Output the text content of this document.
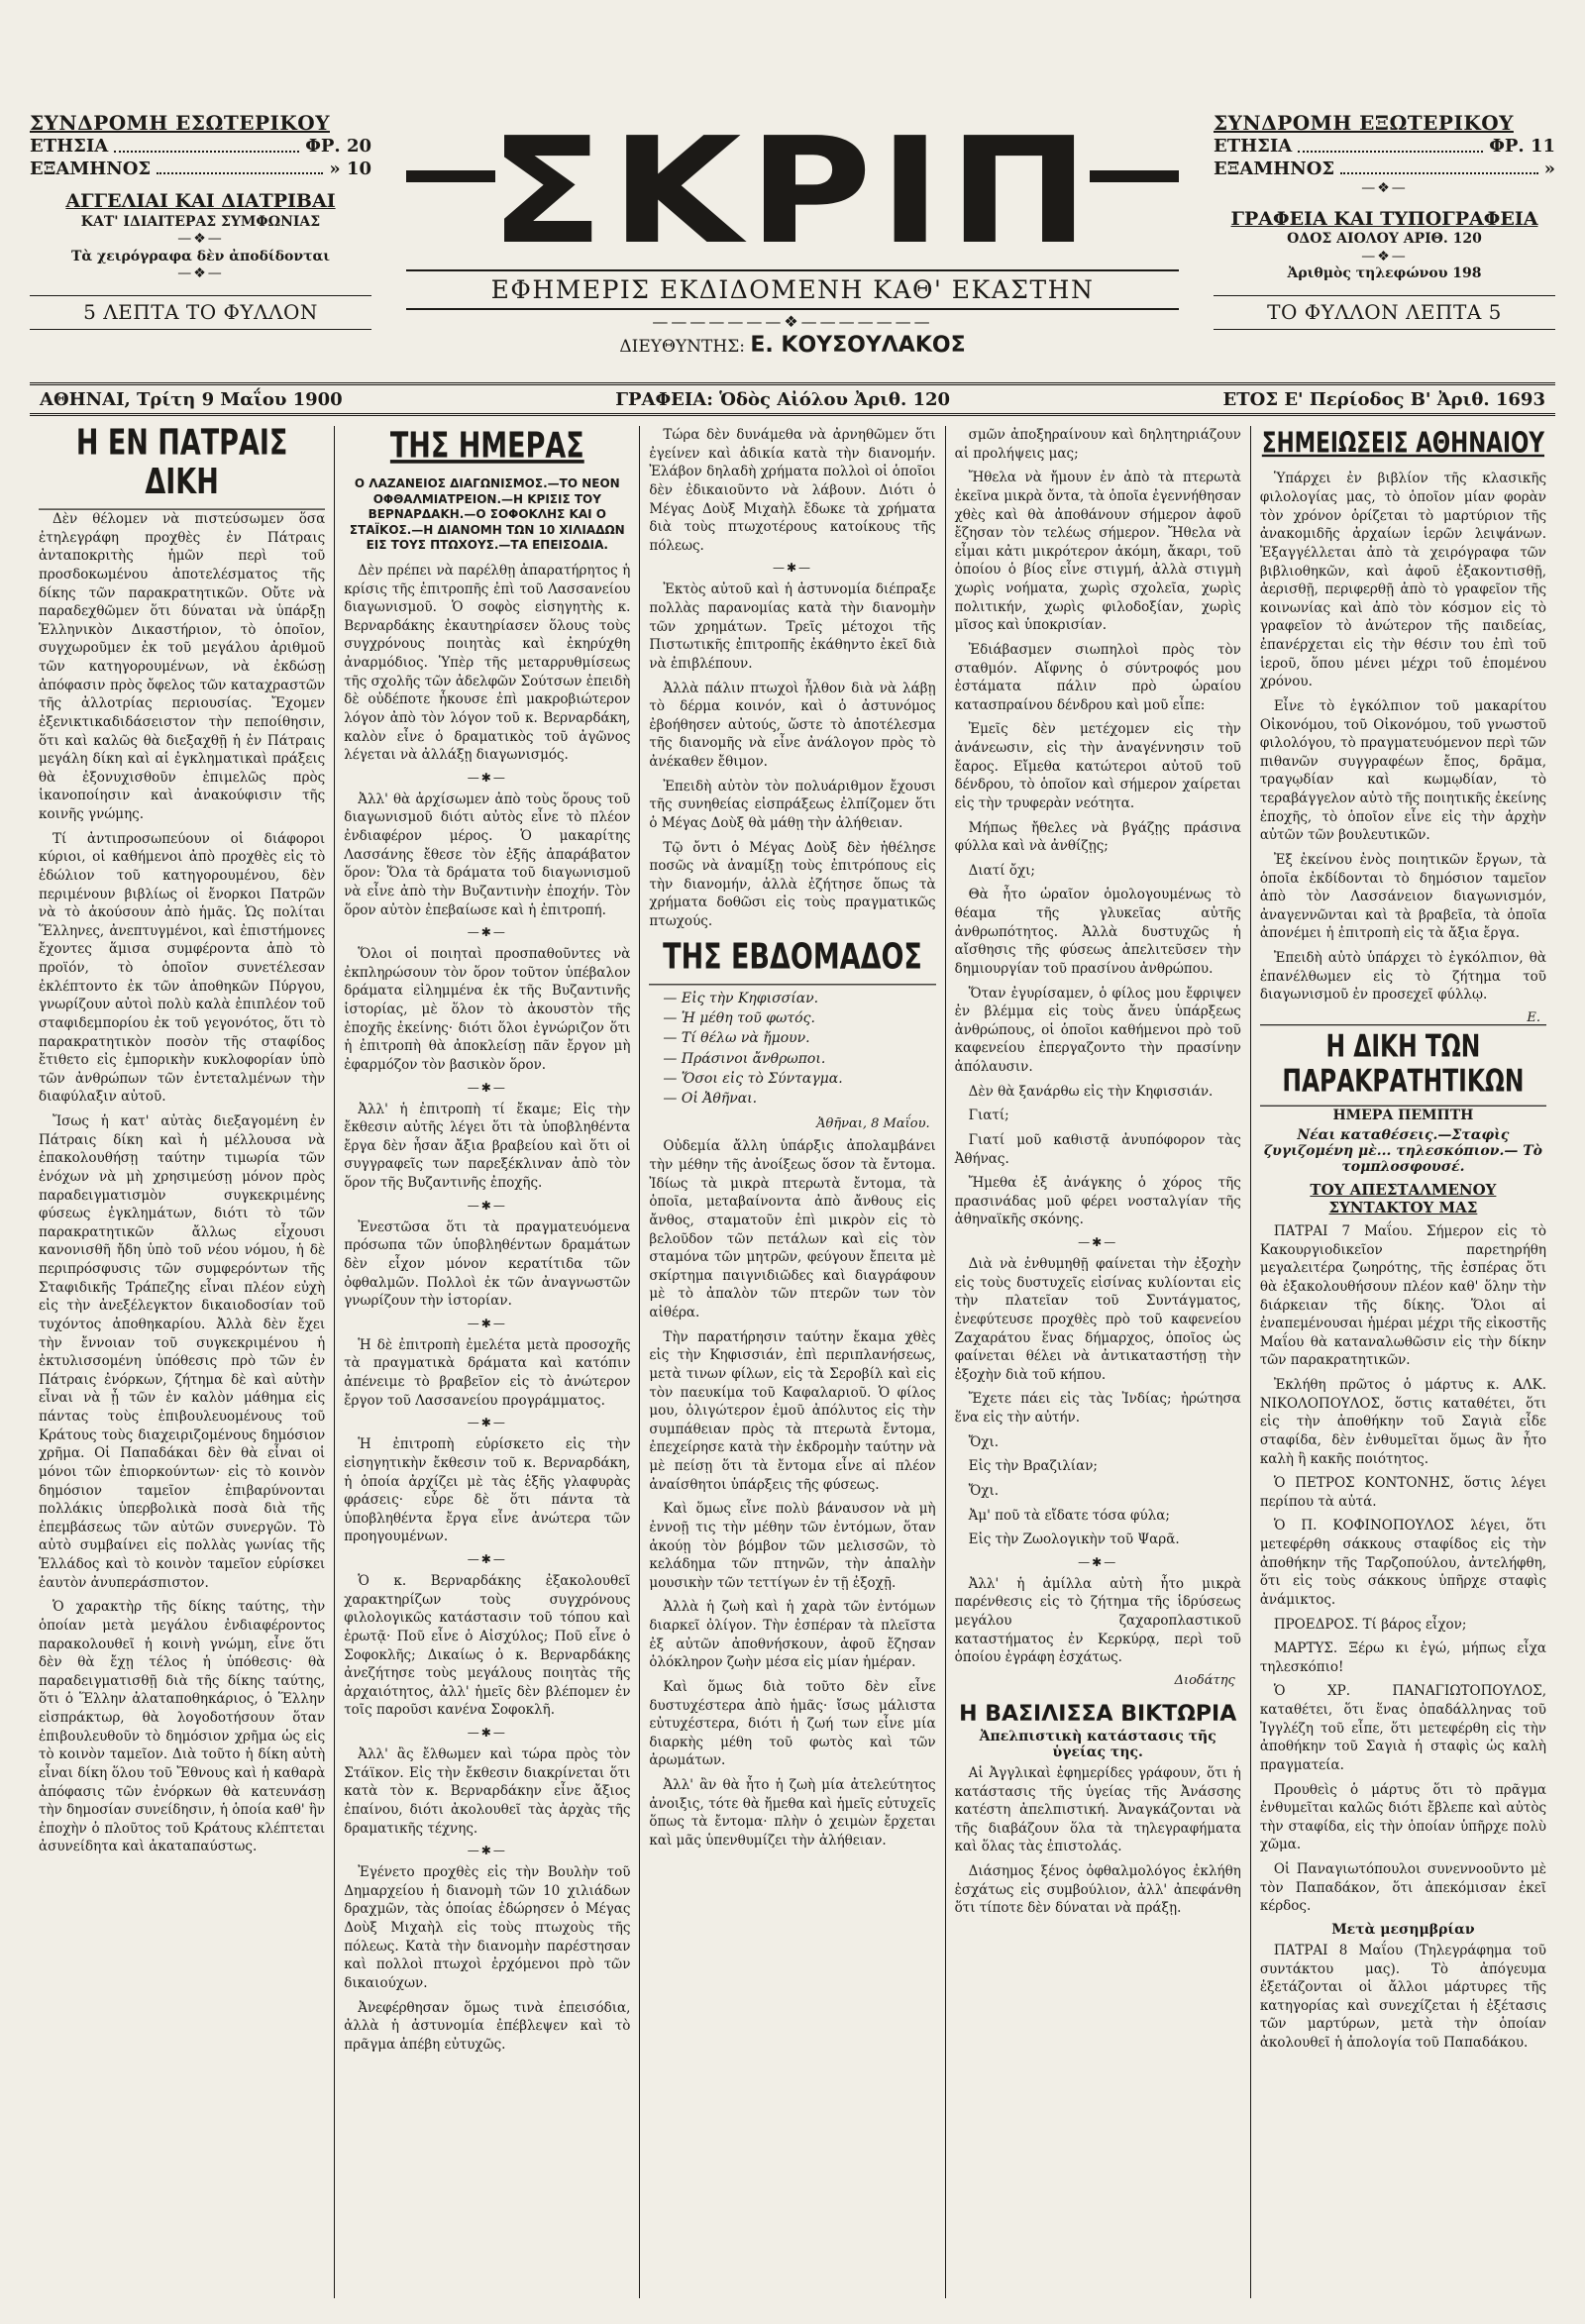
ΣΥΝΔΡΟΜΗ ΕΣΩΤΕΡΙΚΟΥ
ΕΤΗΣΙΑ	ΦΡ. 20
ΕΞΑΜΗΝΟΣ	» 10
ΑΓΓΕΛΙΑΙ ΚΑΙ ΔΙΑΤΡΙΒΑΙ
ΚΑΤ' ΙΔΙΑΙΤΕΡΑΣ ΣΥΜΦΩΝΙΑΣ
—❖—
Τὰ χειρόγραφα δὲν ἀποδίδονται
—❖—
5 ΛΕΠΤΑ ΤΟ ΦΥΛΛΟΝ
ΣΚΡΙΠ
ΕΦΗΜΕΡΙΣ ΕΚΔΙΔΟΜΕΝΗ ΚΑΘ' ΕΚΑΣΤΗΝ
———————❖———————
ΔΙΕΥΘΥΝΤΗΣ: Ε. ΚΟΥΣΟΥΛΑΚΟΣ
ΣΥΝΔΡΟΜΗ ΕΞΩΤΕΡΙΚΟΥ
ΕΤΗΣΙΑ	ΦΡ. 11
ΕΞΑΜΗΝΟΣ	»
—❖—
ΓΡΑΦΕΙΑ ΚΑΙ ΤΥΠΟΓΡΑΦΕΙΑ
ΟΔΟΣ ΑΙΟΛΟΥ ΑΡΙΘ. 120
—❖—
Ἀριθμὸς τηλεφώνου 198
ΤΟ ΦΥΛΛΟΝ ΛΕΠΤΑ 5
ΑΘΗΝΑΙ, Τρίτη 9 Μαΐου 1900	ΓΡΑΦΕΙΑ: Ὁδὸς Αἰόλου Ἀριθ. 120	ΕΤΟΣ Ε' Περίοδος Β' Ἀριθ. 1693
Η ΕΝ ΠΑΤΡΑΙΣ ΔΙΚΗ

Δὲν θέλομεν νὰ πιστεύσωμεν ὅσα ἐτηλεγράφη προχθὲς ἐν Πάτραις ἀνταποκριτὴς ἡμῶν περὶ τοῦ προσδοκωμένου ἀποτελέσματος τῆς δίκης τῶν παρακρατητικῶν. Οὔτε νὰ παραδεχθῶμεν ὅτι δύναται νὰ ὑπάρξῃ Ἑλληνικὸν Δικαστήριον, τὸ ὁποῖον, συγχωροῦμεν ἐκ τοῦ μεγάλου ἀριθμοῦ τῶν κατηγορουμένων, νὰ ἐκδώσῃ ἀπόφασιν πρὸς ὄφελος τῶν καταχραστῶν τῆς ἀλλοτρίας περιουσίας. Ἔχομεν ἐξενικτικαδιδάσειστον τὴν πεποίθησιν, ὅτι καὶ καλῶς θὰ διεξαχθῇ ἡ ἐν Πάτραις μεγάλη δίκη καὶ αἱ ἐγκληματικαὶ πράξεις θὰ ἐξονυχισθοῦν ἐπιμελῶς πρὸς ἱκανοποίησιν καὶ ἀνακούφισιν τῆς κοινῆς γνώμης.

Τί ἀντιπροσωπεύουν οἱ διάφοροι κύριοι, οἱ καθήμενοι ἀπὸ προχθὲς εἰς τὸ ἑδώλιον τοῦ κατηγορουμένου, δὲν περιμένουν βιβλίως οἱ ἔνορκοι Πατρῶν νὰ τὸ ἀκούσουν ἀπὸ ἡμᾶς. Ὡς πολίται Ἕλληνες, ἀνεπτυγμένοι, καὶ ἐπιστήμονες ἔχοντες ἅμισα συμφέροντα ἀπὸ τὸ προϊόν, τὸ ὁποῖον συνετέλεσαν ἐκλέπτοντο ἐκ τῶν ἀποθηκῶν Πύργου, γνωρίζουν αὐτοὶ πολὺ καλὰ ἐπιπλέον τοῦ σταφιδεμπορίου ἐκ τοῦ γεγονότος, ὅτι τὸ παρακρατητικὸν ποσὸν τῆς σταφίδος ἔτιθετο εἰς ἐμπορικὴν κυκλοφορίαν ὑπὸ τῶν ἀνθρώπων τῶν ἐντεταλμένων τὴν διαφύλαξιν αὐτοῦ.

Ἴσως ἡ κατ' αὐτὰς διεξαγομένη ἐν Πάτραις δίκη καὶ ἡ μέλλουσα νὰ ἐπακολουθήσῃ ταύτην τιμωρία τῶν ἐνόχων νὰ μὴ χρησιμεύσῃ μόνον πρὸς παραδειγματισμὸν συγκεκριμένης φύσεως ἐγκλημάτων, διότι τὸ τῶν παρακρατητικῶν ἄλλως εἶχουσι κανονισθῆ ἤδη ὑπὸ τοῦ νέου νόμου, ἡ δὲ περιπρόσφυσις τῶν συμφερόντων τῆς Σταφιδικῆς Τράπεζης εἶναι πλέον εὐχὴ εἰς τὴν ἀνεξέλεγκτον δικαιοδοσίαν τοῦ τυχόντος ἀποθηκαρίου. Ἀλλὰ δὲν ἔχει τὴν ἔννοιαν τοῦ συγκεκριμένου ἡ ἐκτυλισσομένη ὑπόθεσις πρὸ τῶν ἐν Πάτραις ἐνόρκων, ζήτημα δὲ καὶ αὐτὴν εἶναι νὰ ᾖ τῶν ἐν καλὸν μάθημα εἰς πάντας τοὺς ἐπιβουλευομένους τοῦ Κράτους τοὺς διαχειριζομένους δημόσιον χρῆμα. Οἱ Παπαδάκαι δὲν θὰ εἶναι οἱ μόνοι τῶν ἐπιορκούντων· εἰς τὸ κοινὸν δημόσιον ταμεῖον ἐπιβαρύνονται πολλάκις ὑπερβολικὰ ποσὰ διὰ τῆς ἐπεμβάσεως τῶν αὐτῶν συνεργῶν. Τὸ αὐτὸ συμβαίνει εἰς πολλὰς γωνίας τῆς Ἑλλάδος καὶ τὸ κοινὸν ταμεῖον εὑρίσκει ἑαυτὸν ἀνυπεράσπιστον.

Ὁ χαρακτὴρ τῆς δίκης ταύτης, τὴν ὁποίαν μετὰ μεγάλου ἐνδιαφέροντος παρακολουθεῖ ἡ κοινὴ γνώμη, εἶνε ὅτι δὲν θὰ ἔχῃ τέλος ἡ ὑπόθεσις· θὰ παραδειγματισθῇ διὰ τῆς δίκης ταύτης, ὅτι ὁ Ἕλλην ἀλαταποθηκάριος, ὁ Ἕλλην εἰσπράκτωρ, θὰ λογοδοτήσουν ὅταν ἐπιβουλευθοῦν τὸ δημόσιον χρῆμα ὡς εἰς τὸ κοινὸν ταμεῖον. Διὰ τοῦτο ἡ δίκη αὐτὴ εἶναι δίκη ὅλου τοῦ Ἔθνους καὶ ἡ καθαρὰ ἀπόφασις τῶν ἐνόρκων θὰ κατευνάσῃ τὴν δημοσίαν συνείδησιν, ἡ ὁποία καθ' ἣν ἐποχὴν ὁ πλοῦτος τοῦ Κράτους κλέπτεται ἀσυνείδητα καὶ ἀκαταπαύστως.

ΤΗΣ ΗΜΕΡΑΣ
Ο ΛΑΖΑΝΕΙΟΣ ΔΙΑΓΩΝΙΣΜΟΣ.—ΤΟ ΝΕΟΝ ΟΦΘΑΛΜΙΑΤΡΕΙΟΝ.—Η ΚΡΙΣΙΣ ΤΟΥ ΒΕΡΝΑΡΔΑΚΗ.—Ο ΣΟΦΟΚΛΗΣ ΚΑΙ Ο ΣΤΑΪΚΟΣ.—Η ΔΙΑΝΟΜΗ ΤΩΝ 10 ΧΙΛΙΑΔΩΝ ΕΙΣ ΤΟΥΣ ΠΤΩΧΟΥΣ.—ΤΑ ΕΠΕΙΣΟΔΙΑ.

Δὲν πρέπει νὰ παρέλθῃ ἀπαρατήρητος ἡ κρίσις τῆς ἐπιτροπῆς ἐπὶ τοῦ Λασσανείου διαγωνισμοῦ. Ὁ σοφὸς εἰσηγητὴς κ. Βερναρδάκης ἐκαυτηρίασεν ὅλους τοὺς συγχρόνους ποιητὰς καὶ ἐκηρύχθη ἀναρμόδιος. Ὑπὲρ τῆς μεταρρυθμίσεως τῆς σχολῆς τῶν ἀδελφῶν Σούτσων ἐπειδὴ δὲ οὐδέποτε ἦκουσε ἐπὶ μακροβιώτερον λόγον ἀπὸ τὸν λόγον τοῦ κ. Βερναρδάκη, καλὸν εἶνε ὁ δραματικὸς τοῦ ἀγῶνος λέγεται νὰ ἀλλάξῃ διαγωνισμός.

—✱—

Ἀλλ' θὰ ἀρχίσωμεν ἀπὸ τοὺς ὅρους τοῦ διαγωνισμοῦ διότι αὐτὸς εἶνε τὸ πλέον ἐνδιαφέρον μέρος. Ὁ μακαρίτης Λασσάνης ἔθεσε τὸν ἐξῆς ἀπαράβατον ὅρον: Ὅλα τὰ δράματα τοῦ διαγωνισμοῦ νὰ εἶνε ἀπὸ τὴν Βυζαντινὴν ἐποχήν. Τὸν ὅρον αὐτὸν ἐπεβαίωσε καὶ ἡ ἐπιτροπή.

—✱—

Ὅλοι οἱ ποιηταὶ προσπαθοῦντες νὰ ἐκπληρώσουν τὸν ὅρον τοῦτον ὑπέβαλον δράματα εἰλημμένα ἐκ τῆς Βυζαντινῆς ἱστορίας, μὲ ὅλον τὸ ἀκουστὸν τῆς ἐποχῆς ἐκείνης· διότι ὅλοι ἐγνώριζον ὅτι ἡ ἐπιτροπὴ θὰ ἀποκλείσῃ πᾶν ἔργον μὴ ἐφαρμόζον τὸν βασικὸν ὅρον.

—✱—

Ἀλλ' ἡ ἐπιτροπὴ τί ἔκαμε; Εἰς τὴν ἔκθεσιν αὐτῆς λέγει ὅτι τὰ ὑποβληθέντα ἔργα δὲν ἦσαν ἄξια βραβείου καὶ ὅτι οἱ συγγραφεῖς των παρεξέκλιναν ἀπὸ τὸν ὅρον τῆς Βυζαντινῆς ἐποχῆς.

—✱—

Ἐνεστῶσα ὅτι τὰ πραγματευόμενα πρόσωπα τῶν ὑποβληθέντων δραμάτων δὲν εἶχον μόνον κερατίτιδα τῶν ὀφθαλμῶν. Πολλοὶ ἐκ τῶν ἀναγνωστῶν γνωρίζουν τὴν ἱστορίαν.

—✱—

Ἡ δὲ ἐπιτροπὴ ἐμελέτα μετὰ προσοχῆς τὰ πραγματικὰ δράματα καὶ κατόπιν ἀπένειμε τὸ βραβεῖον εἰς τὸ ἀνώτερον ἔργον τοῦ Λασσανείου προγράμματος.

—✱—

Ἡ ἐπιτροπὴ εὑρίσκετο εἰς τὴν εἰσηγητικὴν ἔκθεσιν τοῦ κ. Βερναρδάκη, ἡ ὁποία ἀρχίζει μὲ τὰς ἑξῆς γλαφυρὰς φράσεις· εὗρε δὲ ὅτι πάντα τὰ ὑποβληθέντα ἔργα εἶνε ἀνώτερα τῶν προηγουμένων.

—✱—

Ὁ κ. Βερναρδάκης ἐξακολουθεῖ χαρακτηρίζων τοὺς συγχρόνους φιλολογικῶς κατάστασιν τοῦ τόπου καὶ ἐρωτᾷ· Ποῦ εἶνε ὁ Αἰσχύλος; Ποῦ εἶνε ὁ Σοφοκλῆς; Δικαίως ὁ κ. Βερναρδάκης ἀνεζήτησε τοὺς μεγάλους ποιητὰς τῆς ἀρχαιότητος, ἀλλ' ἡμεῖς δὲν βλέπομεν ἐν τοῖς παροῦσι κανένα Σοφοκλῆ.

—✱—

Ἀλλ' ἂς ἔλθωμεν καὶ τώρα πρὸς τὸν Στάϊκον. Εἰς τὴν ἔκθεσιν διακρίνεται ὅτι κατὰ τὸν κ. Βερναρδάκην εἶνε ἄξιος ἐπαίνου, διότι ἀκολουθεῖ τὰς ἀρχὰς τῆς δραματικῆς τέχνης.

—✱—

Ἐγένετο προχθὲς εἰς τὴν Βουλὴν τοῦ Δημαρχείου ἡ διανομὴ τῶν 10 χιλιάδων δραχμῶν, τὰς ὁποίας ἐδώρησεν ὁ Μέγας Δοὺξ Μιχαὴλ εἰς τοὺς πτωχοὺς τῆς πόλεως. Κατὰ τὴν διανομὴν παρέστησαν καὶ πολλοὶ πτωχοὶ ἐρχόμενοι πρὸ τῶν δικαιούχων.

Ἀνεφέρθησαν ὅμως τινὰ ἐπεισόδια, ἀλλὰ ἡ ἀστυνομία ἐπέβλεψεν καὶ τὸ πρᾶγμα ἀπέβη εὐτυχῶς.

Τώρα δὲν δυνάμεθα νὰ ἀρνηθῶμεν ὅτι ἐγείνεν καὶ ἀδικία κατὰ τὴν διανομήν. Ἐλάβον δηλαδὴ χρήματα πολλοὶ οἱ ὁποῖοι δὲν ἐδικαιοῦντο νὰ λάβουν. Διότι ὁ Μέγας Δοὺξ Μιχαὴλ ἔδωκε τὰ χρήματα διὰ τοὺς πτωχοτέρους κατοίκους τῆς πόλεως.

—✱—

Ἐκτὸς αὐτοῦ καὶ ἡ ἀστυνομία διέπραξε πολλὰς παρανομίας κατὰ τὴν διανομὴν τῶν χρημάτων. Τρεῖς μέτοχοι τῆς Πιστωτικῆς ἐπιτροπῆς ἐκάθηντο ἐκεῖ διὰ νὰ ἐπιβλέπουν.

Ἀλλὰ πάλιν πτωχοὶ ἦλθον διὰ νὰ λάβῃ τὸ δέρμα κοινόν, καὶ ὁ ἀστυνόμος ἐβοήθησεν αὐτούς, ὥστε τὸ ἀποτέλεσμα τῆς διανομῆς νὰ εἶνε ἀνάλογον πρὸς τὸ ἀνέκαθεν ἔθιμον.

Ἐπειδὴ αὐτὸν τὸν πολυάριθμον ἔχουσι τῆς συνηθείας εἰσπράξεως ἐλπίζομεν ὅτι ὁ Μέγας Δοὺξ θὰ μάθῃ τὴν ἀλήθειαν.

Τῷ ὄντι ὁ Μέγας Δοὺξ δὲν ἠθέλησε ποσῶς νὰ ἀναμίξῃ τοὺς ἐπιτρόπους εἰς τὴν διανομήν, ἀλλὰ ἐζήτησε ὅπως τὰ χρήματα δοθῶσι εἰς τοὺς πραγματικῶς πτωχούς.

ΤΗΣ ΕΒΔΟΜΑΔΟΣ
— Εἰς τὴν Κηφισσίαν.
— Ἡ μέθη τοῦ φωτός.
— Τί θέλω νὰ ἤμουν.
— Πράσινοι ἄνθρωποι.
— Ὅσοι εἰς τὸ Σύνταγμα.
— Οἱ Ἀθῆναι.
Ἀθῆναι, 8 Μαΐου.

Οὐδεμία ἄλλη ὑπάρξις ἀπολαμβάνει τὴν μέθην τῆς ἀνοίξεως ὅσον τὰ ἔντομα. Ἰδίως τὰ μικρὰ πτερωτὰ ἔντομα, τὰ ὁποῖα, μεταβαίνοντα ἀπὸ ἄνθους εἰς ἄνθος, σταματοῦν ἐπὶ μικρὸν εἰς τὸ βελοῦδον τῶν πετάλων καὶ εἰς τὸν σταμόνα τῶν μητρῶν, φεύγουν ἔπειτα μὲ σκίρτημα παιγνιδιῶδες καὶ διαγράφουν μὲ τὸ ἀπαλὸν τῶν πτερῶν των τὸν αἰθέρα.

Τὴν παρατήρησιν ταύτην ἔκαμα χθὲς εἰς τὴν Κηφισσιάν, ἐπὶ περιπλανήσεως, μετὰ τινων φίλων, εἰς τὰ Σεροβίλ καὶ εἰς τὸν παευκίμα τοῦ Καφαλαριοῦ. Ὁ φίλος μου, ὀλιγώτερον ἐμοῦ ἀπόλυτος εἰς τὴν συμπάθειαν πρὸς τὰ πτερωτὰ ἔντομα, ἐπεχείρησε κατὰ τὴν ἐκδρομὴν ταύτην νὰ μὲ πείσῃ ὅτι τὰ ἔντομα εἶνε αἱ πλέον ἀναίσθητοι ὑπάρξεις τῆς φύσεως.

Καὶ ὅμως εἶνε πολὺ βάναυσον νὰ μὴ ἐννοῇ τις τὴν μέθην τῶν ἐντόμων, ὅταν ἀκούῃ τὸν βόμβον τῶν μελισσῶν, τὸ κελάδημα τῶν πτηνῶν, τὴν ἀπαλὴν μουσικὴν τῶν τεττίγων ἐν τῇ ἐξοχῇ.

Ἀλλὰ ἡ ζωὴ καὶ ἡ χαρὰ τῶν ἐντόμων διαρκεῖ ὀλίγον. Τὴν ἑσπέραν τὰ πλεῖστα ἐξ αὐτῶν ἀποθνήσκουν, ἀφοῦ ἔζησαν ὁλόκληρον ζωὴν μέσα εἰς μίαν ἡμέραν.

Καὶ ὅμως διὰ τοῦτο δὲν εἶνε δυστυχέστερα ἀπὸ ἡμᾶς· ἴσως μάλιστα εὐτυχέστερα, διότι ἡ ζωή των εἶνε μία διαρκὴς μέθη τοῦ φωτὸς καὶ τῶν ἀρωμάτων.

Ἀλλ' ἂν θὰ ἦτο ἡ ζωὴ μία ἀτελεύτητος ἀνοιξις, τότε θὰ ἤμεθα καὶ ἡμεῖς εὐτυχεῖς ὅπως τὰ ἔντομα· πλὴν ὁ χειμὼν ἔρχεται καὶ μᾶς ὑπενθυμίζει τὴν ἀλήθειαν.

σμῶν ἀποξηραίνουν καὶ δηλητηριάζουν αἱ προλήψεις μας;

Ἤθελα νὰ ἤμουν ἐν ἀπὸ τὰ πτερωτὰ ἐκεῖνα μικρὰ ὄντα, τὰ ὁποῖα ἐγεννήθησαν χθὲς καὶ θὰ ἀποθάνουν σήμερον ἀφοῦ ἔζησαν τὸν τελέως σήμερον. Ἤθελα νὰ εἶμαι κἀτι μικρότερον ἀκόμη, ἄκαρι, τοῦ ὁποίου ὁ βίος εἶνε στιγμή, ἀλλὰ στιγμὴ χωρὶς νοήματα, χωρὶς σχολεῖα, χωρὶς πολιτικήν, χωρὶς φιλοδοξίαν, χωρὶς μῖσος καὶ ὑποκρισίαν.

Ἐδιάβασμεν σιωπηλοὶ πρὸς τὸν σταθμόν. Αἴφνης ὁ σύντροφός μου ἐστάματα πάλιν πρὸ ὡραίου κατασπραίνου δένδρου καὶ μοῦ εἶπε:

Ἐμεῖς δὲν μετέχομεν εἰς τὴν ἀνάνεωσιν, εἰς τὴν ἀναγέννησιν τοῦ ἔαρος. Εἴμεθα κατώτεροι αὐτοῦ τοῦ δένδρου, τὸ ὁποῖον καὶ σήμερον χαίρεται εἰς τὴν τρυφερὰν νεότητα.

Μήπως ἤθελες νὰ βγάζῃς πράσινα φύλλα καὶ νὰ ἀνθίζῃς;

Διατί ὄχι;

Θὰ ἦτο ὡραῖον ὁμολογουμένως τὸ θέαμα τῆς γλυκεῖας αὐτῆς ἀνθρωπότητος. Ἀλλὰ δυστυχῶς ἡ αἴσθησις τῆς φύσεως ἀπελιτεῦσεν τὴν δημιουργίαν τοῦ πρασίνου ἀνθρώπου.

Ὅταν ἐγυρίσαμεν, ὁ φίλος μου ἔφριψεν ἐν βλέμμα εἰς τοὺς ἄνευ ὑπάρξεως ἀνθρώπους, οἱ ὁποῖοι καθήμενοι πρὸ τοῦ καφενείου ἐπεργαζοντο τὴν πρασίνην ἀπόλαυσιν.

Δὲν θὰ ξανάρθω εἰς τὴν Κηφισσιάν.

Γιατί;

Γιατί μοῦ καθιστᾷ ἀνυπόφορον τὰς Ἀθήνας.

Ἤμεθα ἐξ ἀνάγκης ὁ χόρος τῆς πρασινάδας μοῦ φέρει νοσταλγίαν τῆς ἀθηναϊκῆς σκόνης.

—✱—

Διὰ νὰ ἐνθυμηθῇ φαίνεται τὴν ἐξοχὴν εἰς τοὺς δυστυχεῖς εἰσίνας κυλίονται εἰς τὴν πλατεῖαν τοῦ Συντάγματος, ἐνεφύτευσε προχθὲς πρὸ τοῦ καφενείου Ζαχαράτου ἕνας δήμαρχος, ὁποῖος ὡς φαίνεται θέλει νὰ ἀντικαταστήσῃ τὴν ἐξοχὴν διὰ τοῦ κήπου.

Ἔχετε πάει εἰς τὰς Ἰνδίας; ἠρώτησα ἕνα εἰς τὴν αὐτήν.

Ὄχι.

Εἰς τὴν Βραζιλίαν;

Ὄχι.

Ἀμ' ποῦ τὰ εἴδατε τόσα φύλα;

Εἰς τὴν Ζωολογικὴν τοῦ Ψαρᾶ.

—✱—

Ἀλλ' ἡ ἀμίλλα αὐτὴ ἦτο μικρὰ παρένθεσις εἰς τὸ ζήτημα τῆς ἱδρύσεως μεγάλου ζαχαροπλαστικοῦ καταστήματος ἐν Κερκύρᾳ, περὶ τοῦ ὁποίου ἐγράφη ἐσχάτως.

Διοδάτης
Η ΒΑΣΙΛΙΣΣΑ ΒΙΚΤΩΡΙΑ
Ἀπελπιστικὴ κατάστασις τῆς ὑγείας της.

Αἱ Ἀγγλικαὶ ἐφημερίδες γράφουν, ὅτι ἡ κατάστασις τῆς ὑγείας τῆς Ἀνάσσης κατέστη ἀπελπιστική. Ἀναγκάζονται νὰ τῆς διαβάζουν ὅλα τὰ τηλεγραφήματα καὶ ὅλας τὰς ἐπιστολάς.

Διάσημος ξένος ὀφθαλμολόγος ἐκλήθη ἐσχάτως εἰς συμβούλιον, ἀλλ' ἀπεφάνθη ὅτι τίποτε δὲν δύναται νὰ πράξῃ.

ΣΗΜΕΙΩΣΕΙΣ ΑΘΗΝΑΙΟΥ

Ὑπάρχει ἐν βιβλίον τῆς κλασικῆς φιλολογίας μας, τὸ ὁποῖον μίαν φορὰν τὸν χρόνον ὁρίζεται τὸ μαρτύριον τῆς ἀνακομιδῆς ἀρχαίων ἱερῶν λειψάνων. Ἐξαγγέλλεται ἀπὸ τὰ χειρόγραφα τῶν βιβλιοθηκῶν, καὶ ἀφοῦ ἐξακοντισθῇ, ἀερισθῇ, περιφερθῇ ἀπὸ τὸ γραφεῖον τῆς κοινωνίας καὶ ἀπὸ τὸν κόσμον εἰς τὸ γραφεῖον τὸ ἀνώτερον τῆς παιδείας, ἐπανέρχεται εἰς τὴν θέσιν του ἐπὶ τοῦ ἱεροῦ, ὅπου μένει μέχρι τοῦ ἑπομένου χρόνου.

Εἶνε τὸ ἐγκόλπιον τοῦ μακαρίτου Οἰκονόμου, τοῦ Οἰκονόμου, τοῦ γνωστοῦ φιλολόγου, τὸ πραγματευόμενον περὶ τῶν πιθανῶν συγγραφέων ἔπος, δρᾶμα, τραγῳδίαν καὶ κωμῳδίαν, τὸ τεραβάγγελον αὐτὸ τῆς ποιητικῆς ἐκείνης ἐποχῆς, τὸ ὁποῖον εἶνε εἰς τὴν ἀρχὴν αὐτῶν τῶν βουλευτικῶν.

Ἐξ ἐκείνου ἐνὸς ποιητικῶν ἔργων, τὰ ὁποῖα ἐκδίδονται τὸ δημόσιον ταμεῖον ἀπὸ τὸν Λασσάνειον διαγωνισμόν, ἀναγεννῶνται καὶ τὰ βραβεῖα, τὰ ὁποῖα ἀπονέμει ἡ ἐπιτροπὴ εἰς τὰ ἄξια ἔργα.

Ἐπειδὴ αὐτὸ ὑπάρχει τὸ ἐγκόλπιον, θὰ ἐπανέλθωμεν εἰς τὸ ζήτημα τοῦ διαγωνισμοῦ ἐν προσεχεῖ φύλλῳ.

Ε.
Η ΔΙΚΗ ΤΩΝ ΠΑΡΑΚΡΑΤΗΤΙΚΩΝ
ΗΜΕΡΑ ΠΕΜΠΤΗ
Νέαι καταθέσεις.—Σταφὶς ζυγιζομένη μὲ... τηλεσκόπιον.— Τὸ τομπλοσφουσέ.
ΤΟΥ ΑΠΕΣΤΑΛΜΕΝΟΥ ΣΥΝΤΑΚΤΟΥ ΜΑΣ

ΠΑΤΡΑΙ 7 Μαΐου. Σήμερον εἰς τὸ Κακουργιοδικεῖον παρετηρήθη μεγαλειτέρα ζωηρότης, τῆς ἐσπέρας ὅτι θὰ ἐξακολουθήσουν πλέον καθ' ὅλην τὴν διάρκειαν τῆς δίκης. Ὅλοι αἱ ἐναπεμένουσαι ἡμέραι μέχρι τῆς εἰκοστῆς Μαΐου θὰ καταναλωθῶσιν εἰς τὴν δίκην τῶν παρακρατητικῶν.

Ἐκλήθη πρῶτος ὁ μάρτυς κ. ΑΛΚ. ΝΙΚΟΛΟΠΟΥΛΟΣ, ὅστις καταθέτει, ὅτι εἰς τὴν ἀποθήκην τοῦ Σαγιὰ εἶδε σταφίδα, δὲν ἐνθυμεῖται ὅμως ἂν ἦτο καλὴ ἢ κακῆς ποιότητος.

Ὁ ΠΕΤΡΟΣ ΚΟΝΤΟΝΗΣ, ὅστις λέγει περίπου τὰ αὐτά.

Ὁ Π. ΚΟΦΙΝΟΠΟΥΛΟΣ λέγει, ὅτι μετεφέρθη σάκκους σταφίδος εἰς τὴν ἀποθήκην τῆς Ταρζοπούλου, ἀντελήφθη, ὅτι εἰς τοὺς σάκκους ὑπῆρχε σταφὶς ἀνάμικτος.

ΠΡΟΕΔΡΟΣ. Τί βάρος εἶχον;

ΜΑΡΤΥΣ. Ξέρω κι ἐγώ, μήπως εἶχα τηλεσκόπιο!

Ὁ ΧΡ. ΠΑΝΑΓΙΩΤΟΠΟΥΛΟΣ, καταθέτει, ὅτι ἕνας ὀπαδάλληνας τοῦ Ἰγγλέζη τοῦ εἶπε, ὅτι μετεφέρθη εἰς τὴν ἀποθήκην τοῦ Σαγιὰ ἡ σταφὶς ὡς καλὴ πραγματεία.

Προυθεὶς ὁ μάρτυς ὅτι τὸ πρᾶγμα ἐνθυμεῖται καλῶς διότι ἔβλεπε καὶ αὐτὸς τὴν σταφίδα, εἰς τὴν ὁποίαν ὑπῆρχε πολὺ χῶμα.

Οἱ Παναγιωτόπουλοι συνεννοοῦντο μὲ τὸν Παπαδάκον, ὅτι ἀπεκόμισαν ἐκεῖ κέρδος.

Μετὰ μεσημβρίαν

ΠΑΤΡΑΙ 8 Μαΐου (Τηλεγράφημα τοῦ συντάκτου μας). Τὸ ἀπόγευμα ἐξετάζονται οἱ ἄλλοι μάρτυρες τῆς κατηγορίας καὶ συνεχίζεται ἡ ἐξέτασις τῶν μαρτύρων, μετὰ τὴν ὁποίαν ἀκολουθεῖ ἡ ἀπολογία τοῦ Παπαδάκου.
